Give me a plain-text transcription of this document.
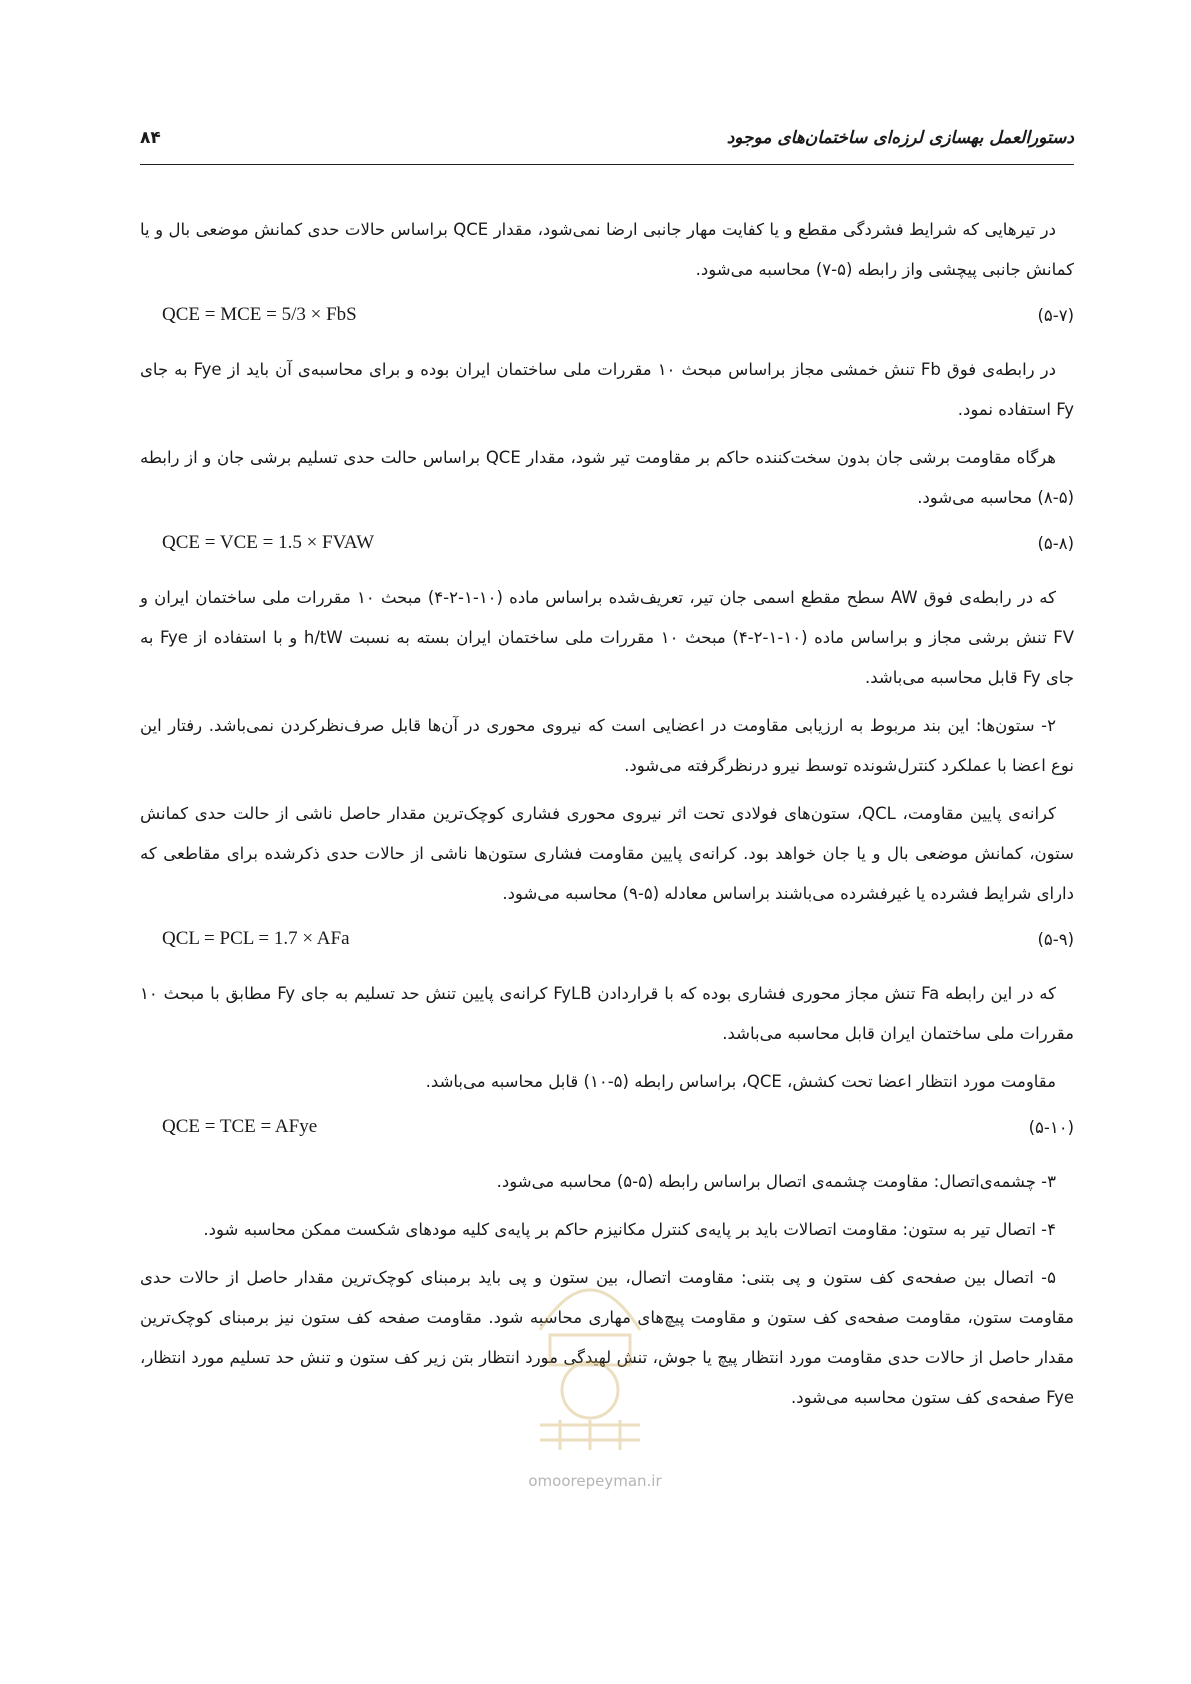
دستورالعمل بهسازی لرزه‌ای ساختمان‌های موجود
۸۴

در تیرهایی که شرایط فشردگی مقطع و یا کفایت مهار جانبی ارضا نمی‌شود، مقدار QCE براساس حالات حدی کمانش موضعی بال و یا کمانش جانبی پیچشی واز رابطه (۵-۷) محاسبه می‌شود.

QCE = MCE = 5/3 × FbS	(۵-۷)

در رابطه‌ی فوق Fb تنش خمشی مجاز براساس مبحث ۱۰ مقررات ملی ساختمان ایران بوده و برای محاسبه‌ی آن باید از Fye به جای Fy استفاده نمود.

هرگاه مقاومت برشی جان بدون سخت‌کننده حاکم بر مقاومت تیر شود، مقدار QCE براساس حالت حدی تسلیم برشی جان و از رابطه (۵-۸) محاسبه می‌شود.

QCE = VCE = 1.5 × FVAW	(۵-۸)

که در رابطه‌ی فوق AW سطح مقطع اسمی جان تیر، تعریف‌شده براساس ماده (۱۰-۱-۲-۴) مبحث ۱۰ مقررات ملی ساختمان ایران و FV تنش برشی مجاز و براساس ماده (۱۰-۱-۲-۴) مبحث ۱۰ مقررات ملی ساختمان ایران بسته به نسبت h/tW و با استفاده از Fye به جای Fy قابل محاسبه می‌باشد.

۲- ستون‌ها: این بند مربوط به ارزیابی مقاومت در اعضایی است که نیروی محوری در آن‌ها قابل صرف‌نظرکردن نمی‌باشد. رفتار این نوع اعضا با عملکرد کنترل‌شونده توسط نیرو درنظرگرفته می‌شود.

کرانه‌ی پایین مقاومت، QCL، ستون‌های فولادی تحت اثر نیروی محوری فشاری کوچک‌ترین مقدار حاصل ناشی از حالت حدی کمانش ستون، کمانش موضعی بال و یا جان خواهد بود. کرانه‌ی پایین مقاومت فشاری ستون‌ها ناشی از حالات حدی ذکرشده برای مقاطعی که دارای شرایط فشرده یا غیرفشرده می‌باشند براساس معادله (۵-۹) محاسبه می‌شود.

QCL = PCL = 1.7 × AFa	(۵-۹)

که در این رابطه Fa تنش مجاز محوری فشاری بوده که با قراردادن FyLB کرانه‌ی پایین تنش حد تسلیم به جای Fy مطابق با مبحث ۱۰ مقررات ملی ساختمان ایران قابل محاسبه می‌باشد.

مقاومت مورد انتظار اعضا تحت کشش، QCE، براساس رابطه (۵-۱۰) قابل محاسبه می‌باشد.

QCE = TCE = AFye	(۵-۱۰)

۳- چشمه‌ی‌اتصال: مقاومت چشمه‌ی اتصال براساس رابطه (۵-۵) محاسبه می‌شود.

۴- اتصال تیر به ستون: مقاومت اتصالات باید بر پایه‌ی کنترل مکانیزم حاکم بر پایه‌ی کلیه مودهای شکست ممکن محاسبه شود.

۵- اتصال بین صفحه‌ی کف ستون و پی بتنی: مقاومت اتصال، بین ستون و پی باید برمبنای کوچک‌ترین مقدار حاصل از حالات حدی مقاومت ستون، مقاومت صفحه‌ی کف ستون و مقاومت پیچ‌های مهاری محاسبه شود. مقاومت صفحه کف ستون نیز برمبنای کوچک‌ترین مقدار حاصل از حالات حدی مقاومت مورد انتظار پیچ یا جوش، تنش لهیدگی مورد انتظار بتن زیر کف ستون و تنش حد تسلیم مورد انتظار، Fye صفحه‌ی کف ستون محاسبه می‌شود.

omoorepeyman.ir
